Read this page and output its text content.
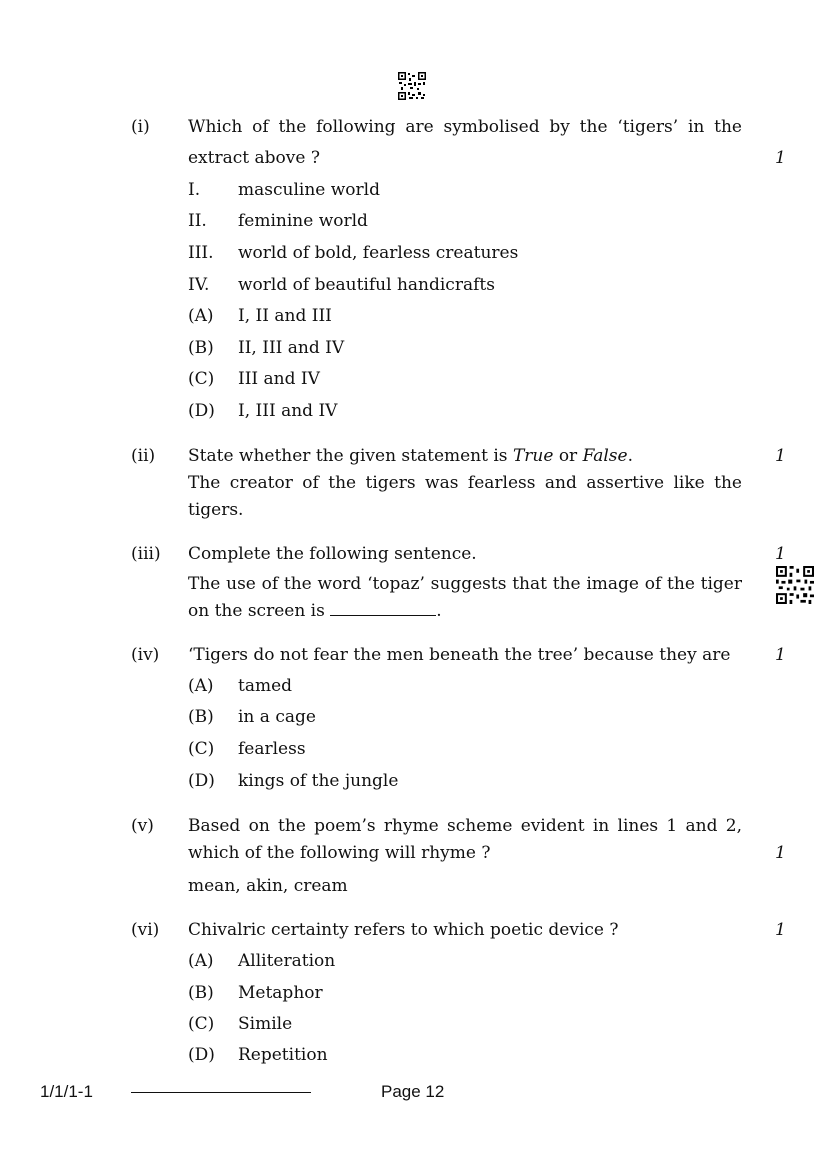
(i) Which of the following are symbolised by the ‘tigers’ in the
extract above ?	1
I. masculine world
II. feminine world
III. world of bold, fearless creatures
IV. world of beautiful handicrafts
(A) I, II and III
(B) II, III and IV
(C) III and IV
(D) I, III and IV
(ii) State whether the given statement is True or False.	1
The creator of the tigers was fearless and assertive like the
tigers.
(iii) Complete the following sentence.	1
The use of the word ‘topaz’ suggests that the image of the tiger
on the screen is	.
(iv) ‘Tigers do not fear the men beneath the tree’ because they are	1
(A) tamed
(B) in a cage
(C) fearless
(D) kings of the jungle
(v) Based on the poem’s rhyme scheme evident in lines 1 and 2,
which of the following will rhyme ?	1
mean, akin, cream
(vi) Chivalric certainty refers to which poetic device ?	1
(A) Alliteration
(B) Metaphor
(C) Simile
(D) Repetition
1/1/1-1	Page 12
